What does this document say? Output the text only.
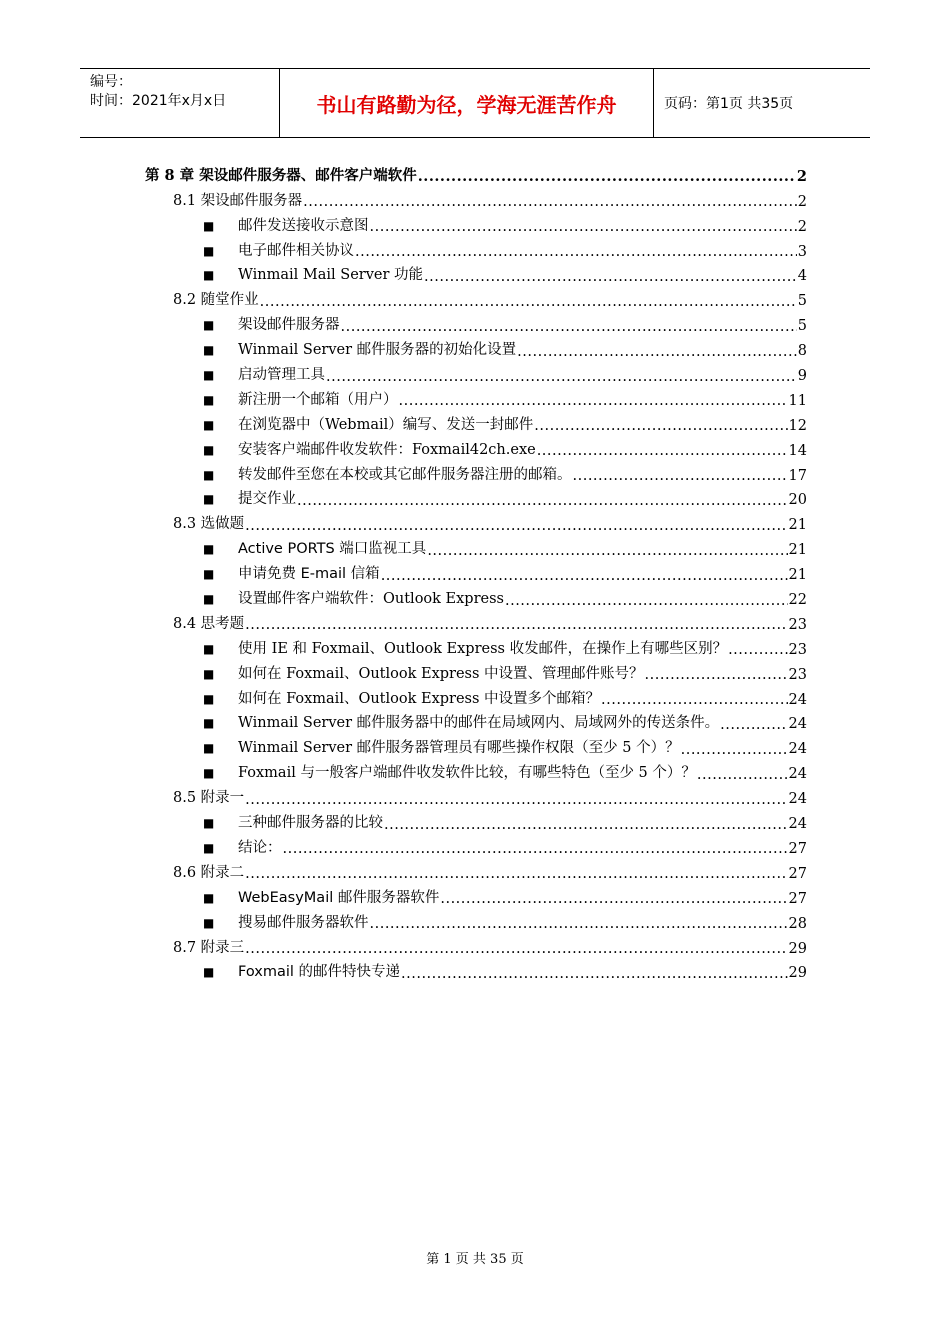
编号：
时间：2021年x月x日	书山有路勤为径，学海无涯苦作舟	页码：第1页 共35页
第 8 章 架设邮件服务器、邮件客户端软件 .....	2
8.1 架设邮件服务器 .....	2
■ 邮件发送接收示意图 .....	2
■ 电子邮件相关协议 .....	3
■ Winmail Mail Server 功能 .....	4
8.2 随堂作业 .....	5
■ 架设邮件服务器 .....	5
■ Winmail Server 邮件服务器的初始化设置 .....	8
■ 启动管理工具 .....	9
■ 新注册一个邮箱（用户） .....	11
■ 在浏览器中（Webmail）编写、发送一封邮件 .....	12
■ 安装客户端邮件收发软件：Foxmail42ch.exe .....	14
■ 转发邮件至您在本校或其它邮件服务器注册的邮箱。 .....	17
■ 提交作业 .....	20
8.3 选做题 .....	21
■ Active PORTS 端口监视工具 .....	21
■ 申请免费 E-mail 信箱 .....	21
■ 设置邮件客户端软件：Outlook Express .....	22
8.4 思考题 .....	23
■ 使用 IE 和 Foxmail、Outlook Express 收发邮件，在操作上有哪些区别？ .....	23
■ 如何在 Foxmail、Outlook Express 中设置、管理邮件账号？ .....	23
■ 如何在 Foxmail、Outlook Express 中设置多个邮箱？ .....	24
■ Winmail Server 邮件服务器中的邮件在局域网内、局域网外的传送条件。 .....	24
■ Winmail Server 邮件服务器管理员有哪些操作权限（至少 5 个）？ .....	24
■ Foxmail 与一般客户端邮件收发软件比较，有哪些特色（至少 5 个）？ .....	24
8.5 附录一 .....	24
■ 三种邮件服务器的比较 .....	24
■ 结论： .....	27
8.6 附录二 .....	27
■ WebEasyMail 邮件服务器软件 .....	27
■ 搜易邮件服务器软件 .....	28
8.7 附录三 .....	29
■ Foxmail 的邮件特快专递 .....	29
第 1 页 共 35 页
